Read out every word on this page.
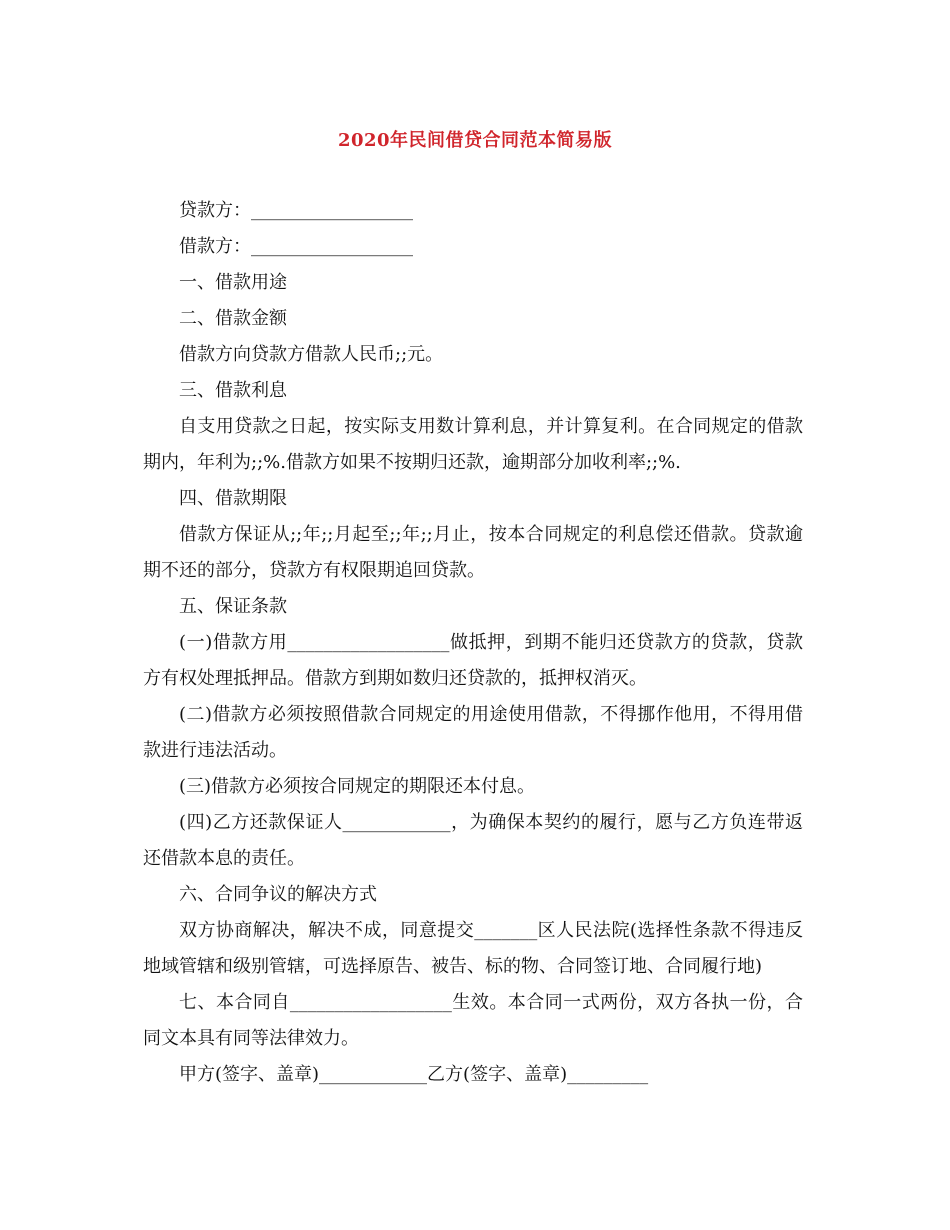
2020年民间借贷合同范本简易版

贷款方：__________________

借款方：__________________

一、借款用途

二、借款金额

借款方向贷款方借款人民币;;元。

三、借款利息

自支用贷款之日起，按实际支用数计算利息，并计算复利。在合同规定的借款期内，年利为;;%.借款方如果不按期归还款，逾期部分加收利率;;%.

四、借款期限

借款方保证从;;年;;月起至;;年;;月止，按本合同规定的利息偿还借款。贷款逾期不还的部分，贷款方有权限期追回贷款。

五、保证条款

(一)借款方用__________________做抵押，到期不能归还贷款方的贷款，贷款方有权处理抵押品。借款方到期如数归还贷款的，抵押权消灭。

(二)借款方必须按照借款合同规定的用途使用借款，不得挪作他用，不得用借款进行违法活动。

(三)借款方必须按合同规定的期限还本付息。

(四)乙方还款保证人____________，为确保本契约的履行，愿与乙方负连带返还借款本息的责任。

六、合同争议的解决方式

双方协商解决，解决不成，同意提交_______区人民法院(选择性条款不得违反地域管辖和级别管辖，可选择原告、被告、标的物、合同签订地、合同履行地)

七、本合同自__________________生效。本合同一式两份，双方各执一份，合同文本具有同等法律效力。

甲方(签字、盖章)____________乙方(签字、盖章)_________
